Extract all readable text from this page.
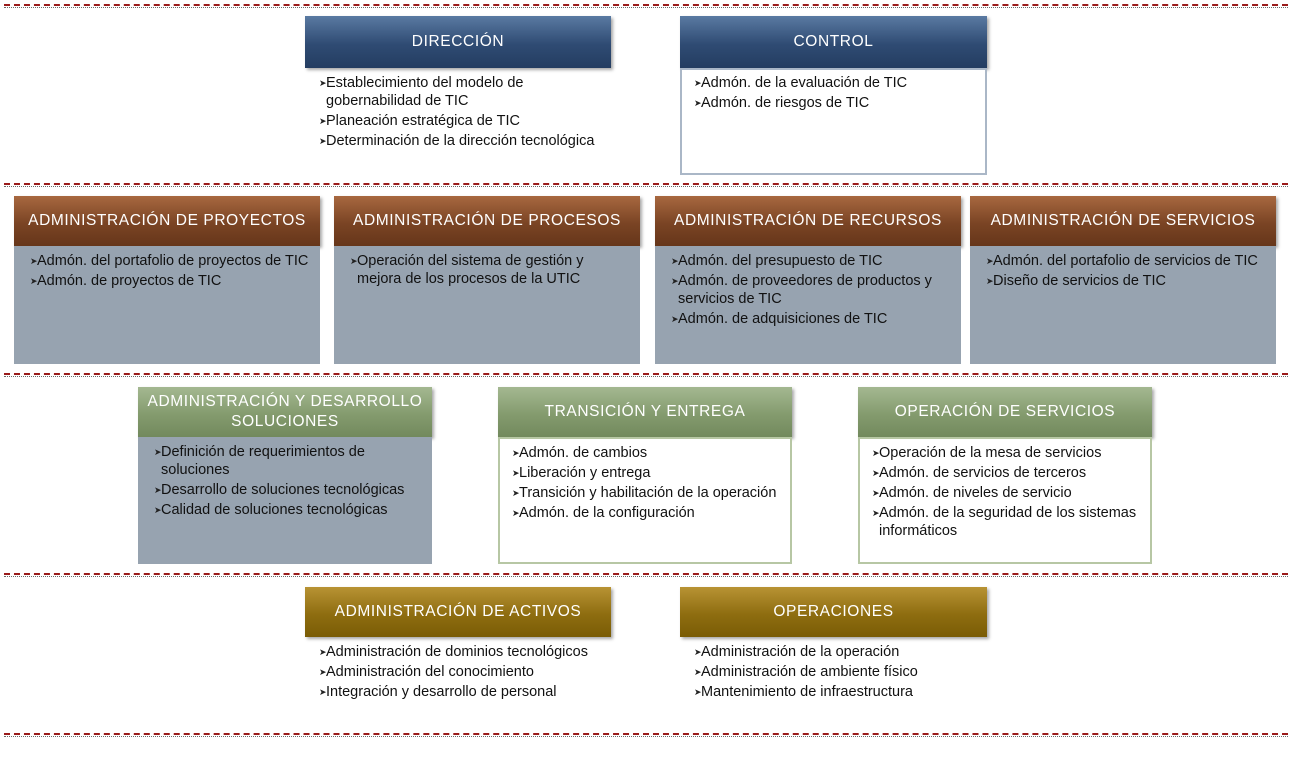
DIRECCIÓN
➤Establecimiento del modelo de gobernabilidad de TIC
➤Planeación estratégica de TIC
➤Determinación de la dirección tecnológica
CONTROL
➤Admón. de la evaluación de TIC
➤Admón. de riesgos de TIC
ADMINISTRACIÓN DE PROYECTOS
➤Admón. del portafolio de proyectos de TIC
➤Admón. de proyectos de TIC
ADMINISTRACIÓN DE PROCESOS
➤Operación del sistema de gestión y mejora de los procesos de la UTIC
ADMINISTRACIÓN DE RECURSOS
➤Admón. del presupuesto de TIC
➤Admón. de proveedores de productos y servicios de TIC
➤Admón. de adquisiciones de TIC
ADMINISTRACIÓN DE SERVICIOS
➤Admón. del portafolio de servicios de TIC
➤Diseño de servicios de TIC
ADMINISTRACIÓN Y DESARROLLO SOLUCIONES
➤Definición de requerimientos de soluciones
➤Desarrollo de soluciones tecnológicas
➤Calidad de soluciones tecnológicas
TRANSICIÓN Y ENTREGA
➤Admón. de cambios
➤Liberación y entrega
➤Transición y habilitación de la operación
➤Admón. de la configuración
OPERACIÓN DE SERVICIOS
➤Operación de la mesa de servicios
➤Admón. de servicios de terceros
➤Admón. de niveles de servicio
➤Admón. de la seguridad de los sistemas informáticos
ADMINISTRACIÓN DE ACTIVOS
➤Administración de dominios tecnológicos
➤Administración del conocimiento
➤Integración y desarrollo de personal
OPERACIONES
➤Administración de la operación
➤Administración de ambiente físico
➤Mantenimiento de infraestructura
